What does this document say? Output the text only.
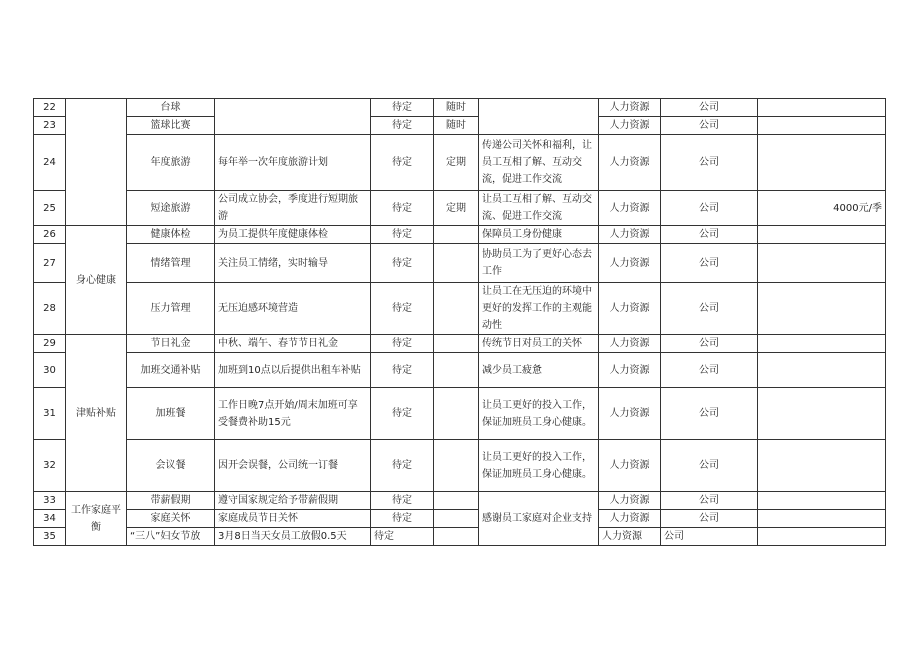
22		台球		待定	随时		人力资源	公司	
23		篮球比赛		待定	随时		人力资源	公司	
24		年度旅游	每年举一次年度旅游计划	待定	定期	传递公司关怀和福利，让员工互相了解、互动交流，促进工作交流	人力资源	公司	
25		短途旅游	公司成立协会，季度进行短期旅游	待定	定期	让员工互相了解、互动交流、促进工作交流	人力资源	公司	4000元/季
26	身心健康	健康体检	为员工提供年度健康体检	待定		保障员工身份健康	人力资源	公司	
27		情绪管理	关注员工情绪，实时输导	待定		协助员工为了更好心态去工作	人力资源	公司	
28		压力管理	无压迫感环境营造	待定		让员工在无压迫的环境中更好的发挥工作的主观能动性	人力资源	公司	
29	津贴补贴	节日礼金	中秋、端午、春节节日礼金	待定		传统节日对员工的关怀	人力资源	公司	
30		加班交通补贴	加班到10点以后提供出租车补贴	待定		减少员工疲惫	人力资源	公司	
31		加班餐	工作日晚7点开始/周末加班可享受餐费补助15元	待定		让员工更好的投入工作，保证加班员工身心健康。	人力资源	公司	
32		会议餐	因开会误餐，公司统一订餐	待定		让员工更好的投入工作，保证加班员工身心健康。	人力资源	公司	
33	工作家庭平衡	带薪假期	遵守国家规定给予带薪假期	待定		感谢员工家庭对企业支持	人力资源	公司	
34		家庭关怀	家庭成员节日关怀	待定			人力资源	公司	
35		“三八”妇女节放	3月8日当天女员工放假0.5天	待定			人力资源	公司	
